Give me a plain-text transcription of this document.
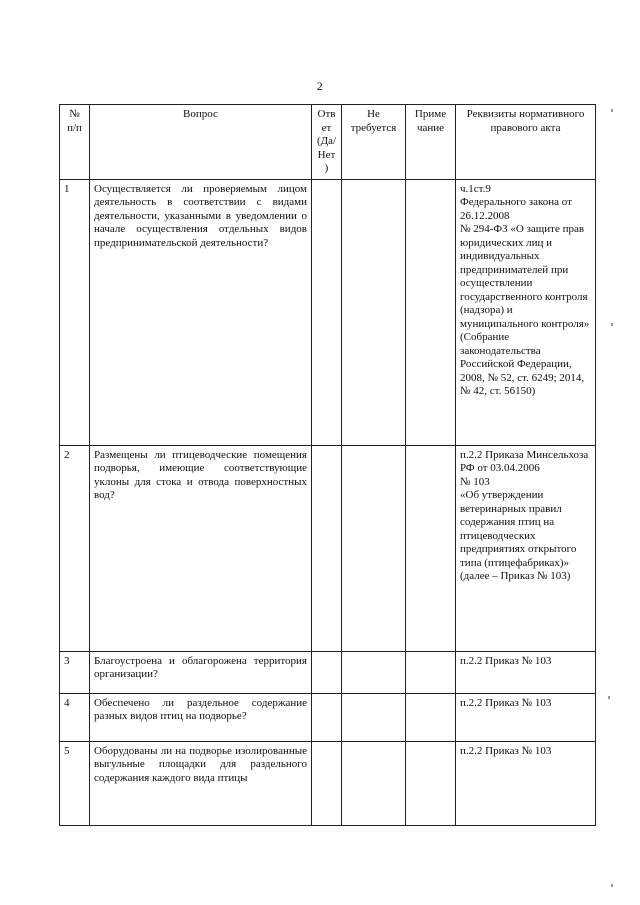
2
№ п/п	Вопрос	Отв ет (Да/ Нет)	Не требуется	Приме чание	Реквизиты нормативного правового акта
1	Осуществляется ли проверяемым лицом деятельность в соответствии с видами деятельности, указанными в уведомлении о начале осуществления отдельных видов предпринимательской деятельности?				ч.1ст.9
Федерального закона от 26.12.2008
№ 294-ФЗ «О защите прав юридических лиц и индивидуальных предпринимателей при осуществлении государственного контроля (надзора) и муниципального контроля»
(Собрание законодательства Российской Федерации, 2008, № 52, ст. 6249; 2014, № 42, ст. 56150)
2	Размещены ли птицеводческие помещения подворья, имеющие соответствующие уклоны для стока и отвода поверхностных вод?				п.2.2 Приказа Минсельхоза РФ от 03.04.2006
№ 103
«Об утверждении ветеринарных правил
содержания птиц на птицеводческих предприятиях открытого типа (птицефабриках)»
(далее – Приказ № 103)
3	Благоустроена и облагорожена территория организации?				п.2.2 Приказ № 103
4	Обеспечено ли раздельное содержание разных видов птиц на подворье?				п.2.2 Приказ № 103
5	Оборудованы ли на подворье изолированные выгульные площадки для раздельного содержания каждого вида птицы				п.2.2 Приказ № 103
